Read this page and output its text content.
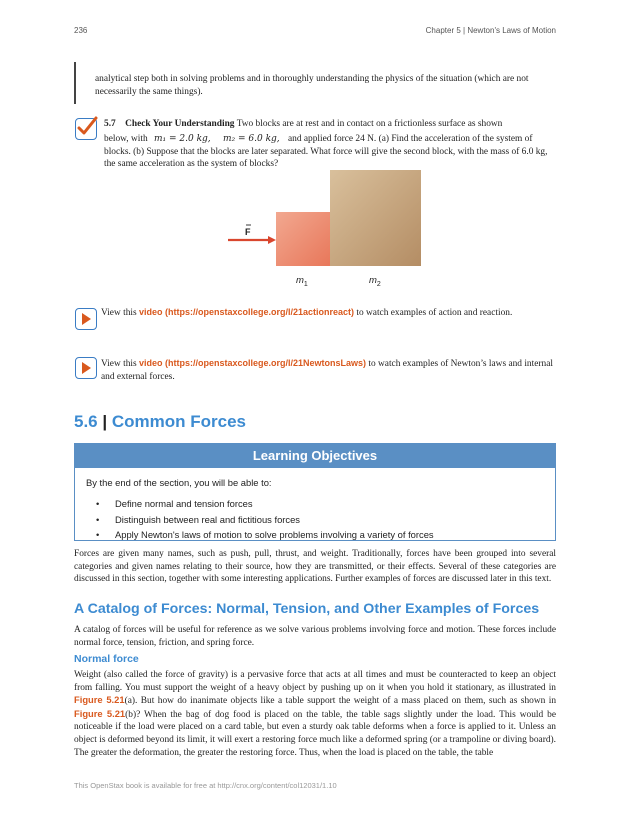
236	Chapter 5 | Newton's Laws of Motion
analytical step both in solving problems and in thoroughly understanding the physics of the situation (which are not necessarily the same things).
5.7 Check Your Understanding Two blocks are at rest and in contact on a frictionless surface as shown
below, with m₁ = 2.0 kg, m₂ = 6.0 kg, and applied force 24 N. (a) Find the acceleration of the system of
blocks. (b) Suppose that the blocks are later separated. What force will give the second block, with the mass of 6.0 kg, the same acceleration as the system of blocks?
F
$m_1$	$m_2$
View this video (https://openstaxcollege.org/l/21actionreact) to watch examples of action and reaction.
View this video (https://openstaxcollege.org/l/21NewtonsLaws) to watch examples of Newton’s laws and internal and external forces.
5.6 | Common Forces
Learning Objectives
By the end of the section, you will be able to:
• Define normal and tension forces
• Distinguish between real and fictitious forces
• Apply Newton's laws of motion to solve problems involving a variety of forces
Forces are given many names, such as push, pull, thrust, and weight. Traditionally, forces have been grouped into several categories and given names relating to their source, how they are transmitted, or their effects. Several of these categories are discussed in this section, together with some interesting applications. Further examples of forces are discussed later in this text.
A Catalog of Forces: Normal, Tension, and Other Examples of Forces
A catalog of forces will be useful for reference as we solve various problems involving force and motion. These forces include normal force, tension, friction, and spring force.
Normal force
Weight (also called the force of gravity) is a pervasive force that acts at all times and must be counteracted to keep an object from falling. You must support the weight of a heavy object by pushing up on it when you hold it stationary, as illustrated in Figure 5.21(a). But how do inanimate objects like a table support the weight of a mass placed on them, such as shown in Figure 5.21(b)? When the bag of dog food is placed on the table, the table sags slightly under the load. This would be noticeable if the load were placed on a card table, but even a sturdy oak table deforms when a force is applied to it. Unless an object is deformed beyond its limit, it will exert a restoring force much like a deformed spring (or a trampoline or diving board). The greater the deformation, the greater the restoring force. Thus, when the load is placed on the table, the table
This OpenStax book is available for free at http://cnx.org/content/col12031/1.10
